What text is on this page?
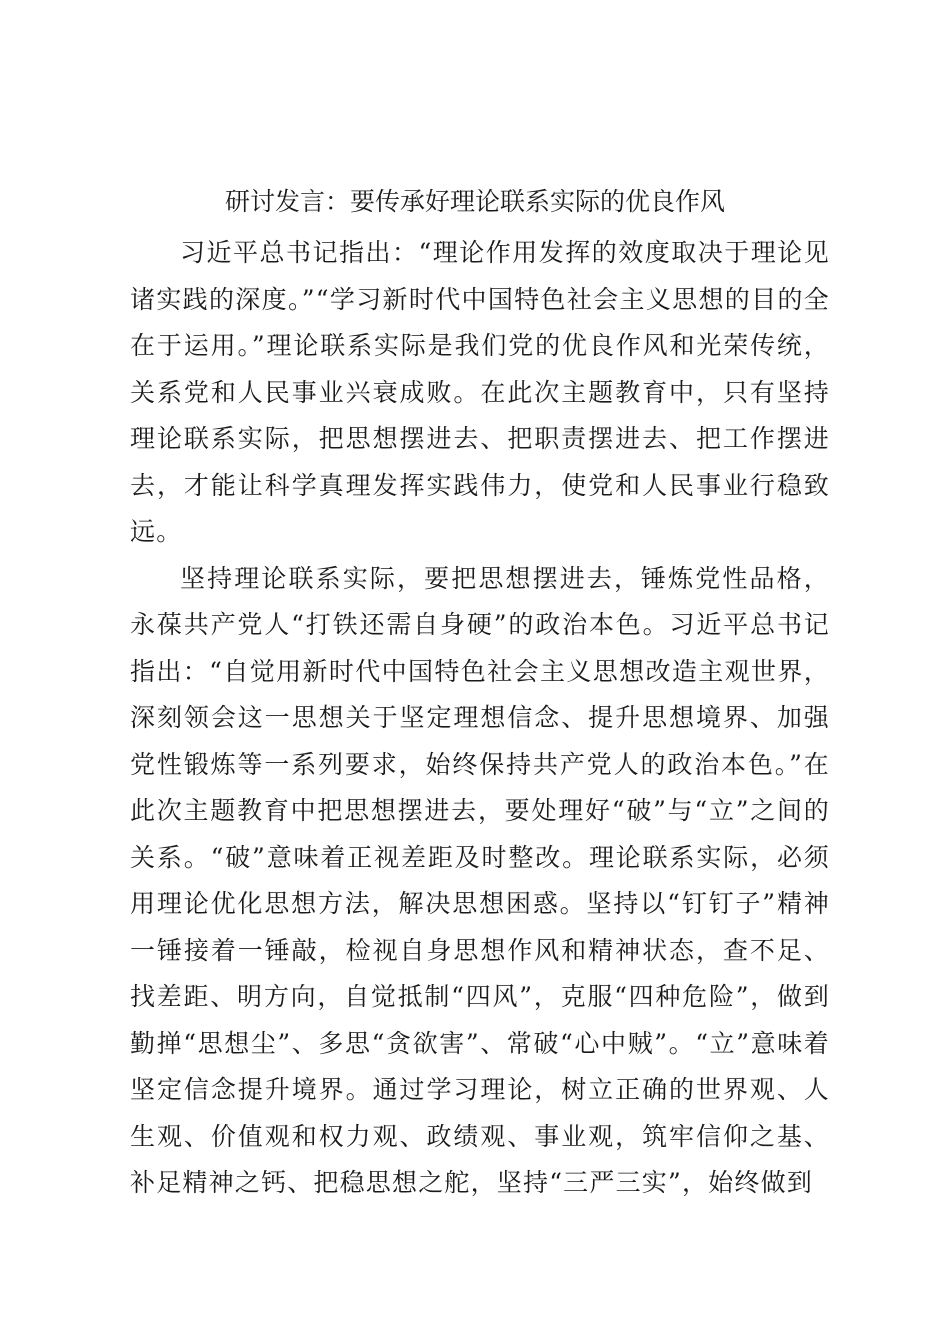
研讨发言：要传承好理论联系实际的优良作风

习近平总书记指出：“理论作用发挥的效度取决于理论见诸实践的深度。”“学习新时代中国特色社会主义思想的目的全在于运用。”理论联系实际是我们党的优良作风和光荣传统，关系党和人民事业兴衰成败。在此次主题教育中，只有坚持理论联系实际，把思想摆进去、把职责摆进去、把工作摆进去，才能让科学真理发挥实践伟力，使党和人民事业行稳致远。

坚持理论联系实际，要把思想摆进去，锤炼党性品格，永葆共产党人“打铁还需自身硬”的政治本色。习近平总书记指出：“自觉用新时代中国特色社会主义思想改造主观世界，深刻领会这一思想关于坚定理想信念、提升思想境界、加强党性锻炼等一系列要求，始终保持共产党人的政治本色。”在此次主题教育中把思想摆进去，要处理好“破”与“立”之间的关系。“破”意味着正视差距及时整改。理论联系实际，必须用理论优化思想方法，解决思想困惑。坚持以“钉钉子”精神一锤接着一锤敲，检视自身思想作风和精神状态，查不足、找差距、明方向，自觉抵制“四风”，克服“四种危险”，做到勤掸“思想尘”、多思“贪欲害”、常破“心中贼”。“立”意味着坚定信念提升境界。通过学习理论，树立正确的世界观、人生观、价值观和权力观、政绩观、事业观，筑牢信仰之基、补足精神之钙、把稳思想之舵，坚持“三严三实”，始终做到
